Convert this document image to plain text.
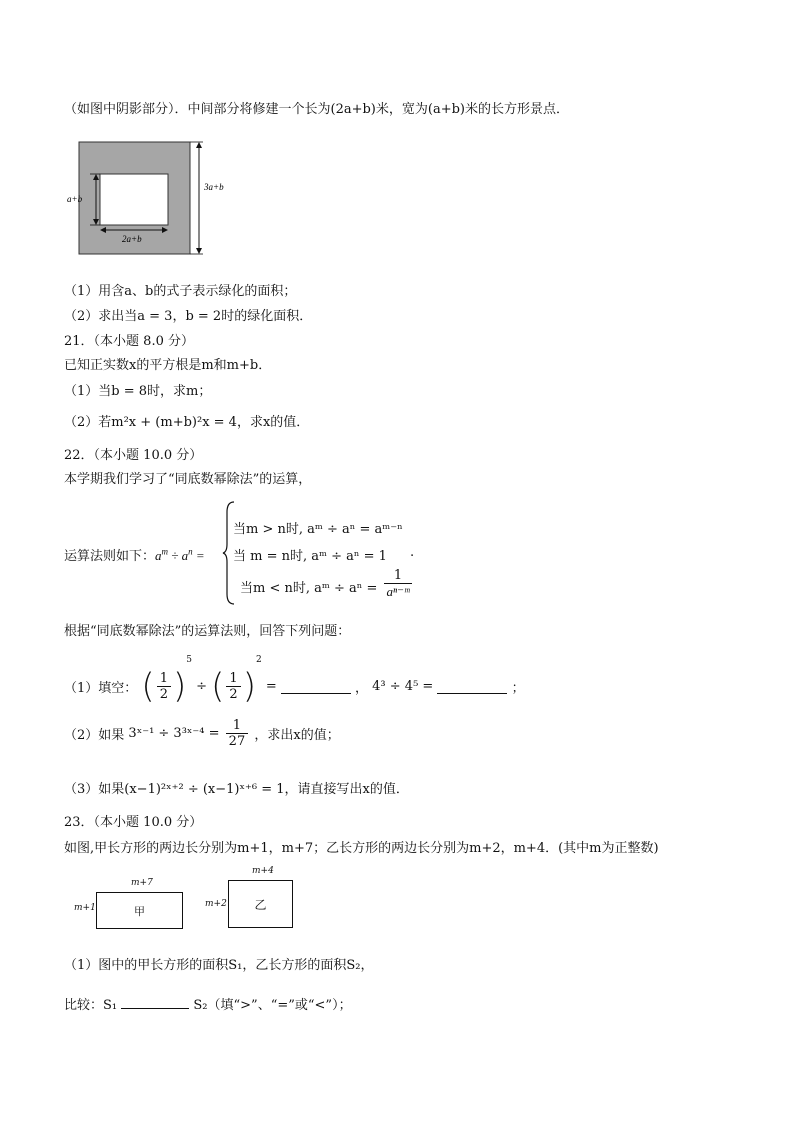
（如图中阴影部分）．中间部分将修建一个长为(2a+b)米，宽为(a+b)米的长方形景点．
a+b
2a+b
3a+b
（1）用含a、b的式子表示绿化的面积；
（2）求出当a = 3，b = 2时的绿化面积．
21．（本小题 8.0 分）
已知正实数x的平方根是m和m+b．
（1）当b = 8时，求m；
（2）若m²x + (m+b)²x = 4，求x的值．
22．（本小题 10.0 分）
本学期我们学习了“同底数幂除法”的运算，
运算法则如下：$a^m \div a^n$ =
当m > n时, aᵐ ÷ aⁿ = aᵐ⁻ⁿ
当 m = n时, aᵐ ÷ aⁿ = 1 .
当m < n时, aᵐ ÷ $a^n = \frac{1}{\text{aⁿ⁻ᵐ}}$
根据“同底数幂除法”的运算法则，回答下列问题：
（1）填空： ( $\frac{1}{2} )^5$ ÷ ( $\frac{1}{2} )^2$ =	， 4³ ÷ 4⁵ =	；
（2）如果 3ˣ⁻¹ ÷ 3³ˣ⁻⁴ = $\frac{1}{27}$ ，求出x的值；
（3）如果(x−1)²ˣ⁺² ÷ (x−1)ˣ⁺⁶ = 1，请直接写出x的值．
23．（本小题 10.0 分）
如图,甲长方形的两边长分别为m+1，m+7；乙长方形的两边长分别为m+2，m+4．(其中m为正整数)
m+7
m+1	甲
m+4
m+2 乙
（1）图中的甲长方形的面积S₁，乙长方形的面积S₂，
比较：S₁	S₂（填“>”、“=”或“<”）；
